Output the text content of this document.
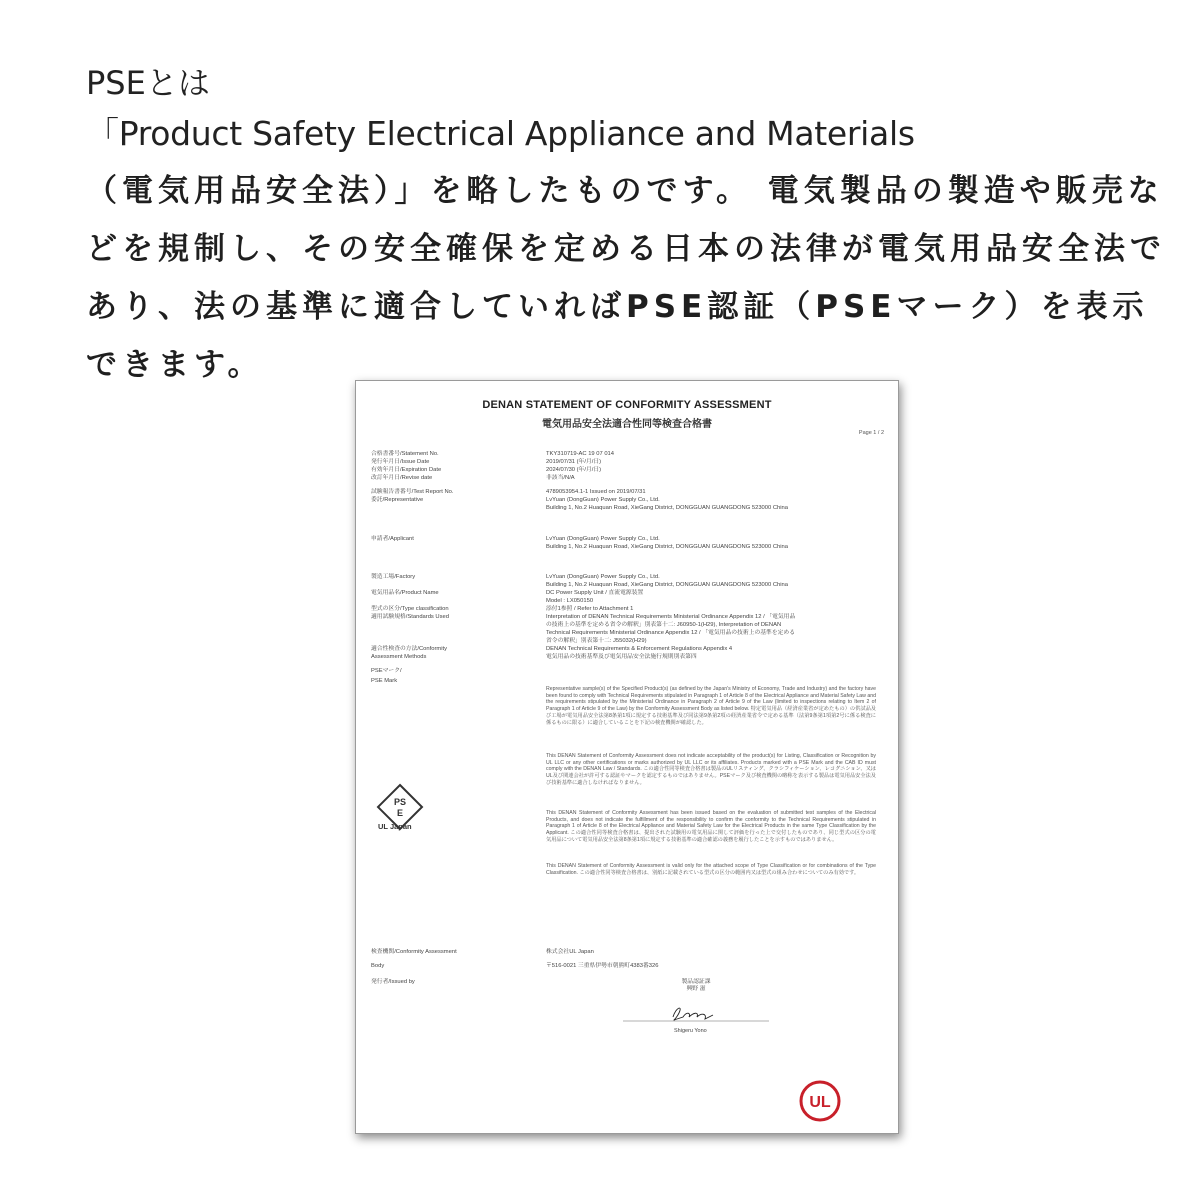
PSEとは
「Product Safety Electrical Appliance and Materials
（電気用品安全法）」を略したものです。 電気製品の製造や販売などを規制し、その安全確保を定める日本の法律が電気用品安全法であり、法の基準に適合していればPSE認証（PSEマーク）を表示できます。
DENAN STATEMENT OF CONFORMITY ASSESSMENT
電気用品安全法適合性同等検査合格書
Page 1 / 2
合格書番号/Statement No.	TKY310719-AC 19 07 014
発行年月日/Issue Date	2019/07/31 (年/月/日)
有効年月日/Expiration Date	2024/07/30 (年/月/日)
改訂年月日/Revise date	非該当/N/A
試験報告書番号/Test Report No.	4789053954.1-1 Issued on 2019/07/31
委託/Representative	LvYuan (DongGuan) Power Supply Co., Ltd.
Building 1, No.2 Huaquan Road, XieGang District, DONGGUAN GUANGDONG 523000 China
申請者/Applicant	LvYuan (DongGuan) Power Supply Co., Ltd.
Building 1, No.2 Huaquan Road, XieGang District, DONGGUAN GUANGDONG 523000 China
製造工場/Factory	LvYuan (DongGuan) Power Supply Co., Ltd.
Building 1, No.2 Huaquan Road, XieGang District, DONGGUAN GUANGDONG 523000 China
電気用品名/Product Name	DC Power Supply Unit / 直流電源装置
Model : LX050150
型式の区分/Type classification	添付1参照 / Refer to Attachment 1
適用試験規格/Standards Used	Interpretation of DENAN Technical Requirements Ministerial Ordinance Appendix 12 / 「電気用品
の技術上の基準を定める省令の解釈」別表第十二: J60950-1(H29), Interpretation of DENAN
Technical Requirements Ministerial Ordinance Appendix 12 / 「電気用品の技術上の基準を定める
省令の解釈」別表第十二: J55032(H29)
適合性検査の方法/Conformity	DENAN Technical Requirements & Enforcement Regulations Appendix 4
Assessment Methods	電気用品の技術基準及び電気用品安全法施行規則別表第四
PSEマーク/
PSE Mark
Representative sample(s) of the Specified Product(s) (as defined by the Japan's Ministry of Economy, Trade and Industry) and the factory have been found to comply with Technical Requirements stipulated in Paragraph 1 of Article 8 of the Electrical Appliance and Material Safety Law and the requirements stipulated by the Ministerial Ordinance in Paragraph 2 of Article 9 of the Law (limited to inspections relating to Item 2 of Paragraph 1 of Article 9 of the Law) by the Conformity Assessment Body as listed below. 特定電気用品（経済産業省が定めたもの）の供試品及び工場が電気用品安全法第8条第1項に規定する技術基準及び同法第9条第2項の経済産業省令で定める基準（法第9条第1項第2号に係る検査に係るものに限る）に適合していることを下記の検査機関が確認した。
This DENAN Statement of Conformity Assessment does not indicate acceptability of the product(s) for Listing, Classification or Recognition by UL LLC or any other certifications or marks authorized by UL LLC or its affiliates. Products marked with a PSE Mark and the CAB ID must comply with the DENAN Law / Standards. この適合性同等検査合格書は製品のULリスティング、クラシフィケーション、レコグニション、又はUL及び関連会社が許可する認証やマークを認定するものではありません。PSEマーク及び検査機関の略称を表示する製品は電気用品安全法及び技術基準に適合しなければなりません。
This DENAN Statement of Conformity Assessment has been issued based on the evaluation of submitted test samples of the Electrical Products, and does not indicate the fulfillment of the responsibility to confirm the conformity to the Technical Requirements stipulated in Paragraph 1 of Article 8 of the Electrical Appliance and Material Safety Law for the Electrical Products in the same Type Classification by the Applicant. この適合性同等検査合格書は、提出された試験用の電気用品に関して評価を行った上で交付したものであり、同じ型式の区分の電気用品について電気用品安全法第8条第1項に規定する技術基準の適合確認の義務を履行したことを示すものではありません。
This DENAN Statement of Conformity Assessment is valid only for the attached scope of Type Classification or for combinations of the Type Classification. この適合性同等検査合格書は、別紙に記載されている型式の区分の範囲内又は型式の組み合わせについてのみ有効です。
検査機関/Conformity Assessment	株式会社UL Japan
Body	〒516-0021 三重県伊勢市朝熊町4383番326
発行者/Issued by
PS
E
UL Japan
製品認証課
興野 滋
Shigeru Yono
UL
